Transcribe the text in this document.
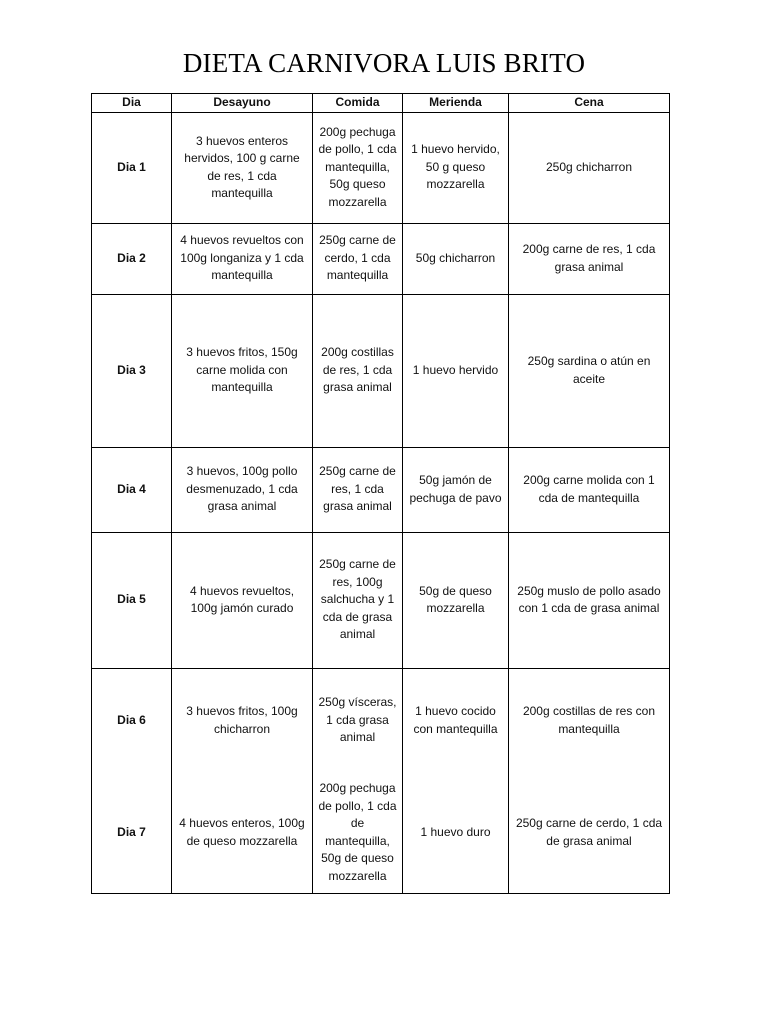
DIETA CARNIVORA LUIS BRITO
Dia	Desayuno	Comida	Merienda	Cena
Dia 1	3 huevos enteros hervidos, 100 g carne de res, 1 cda mantequilla	200g pechuga de pollo, 1 cda mantequilla, 50g queso mozzarella	1 huevo hervido, 50 g queso mozzarella	250g chicharron
Dia 2	4 huevos revueltos con 100g longaniza y 1 cda mantequilla	250g carne de cerdo, 1 cda mantequilla	50g chicharron	200g carne de res, 1 cda grasa animal
Dia 3	3 huevos fritos, 150g carne molida con mantequilla	200g costillas de res, 1 cda grasa animal	1 huevo hervido	250g sardina o atún en aceite
Dia 4	3 huevos, 100g pollo desmenuzado, 1 cda grasa animal	250g carne de res, 1 cda grasa animal	50g jamón de pechuga de pavo	200g carne molida con 1 cda de mantequilla
Dia 5	4 huevos revueltos, 100g jamón curado	250g carne de res, 100g salchucha y 1 cda de grasa animal	50g de queso mozzarella	250g muslo de pollo asado con 1 cda de grasa animal
Dia 6	3 huevos fritos, 100g chicharron	250g vísceras, 1 cda grasa animal	1 huevo cocido con mantequilla	200g costillas de res con mantequilla
Dia 7	4 huevos enteros, 100g de queso mozzarella	200g pechuga de pollo, 1 cda de mantequilla, 50g de queso mozzarella	1 huevo duro	250g carne de cerdo, 1 cda de grasa animal
